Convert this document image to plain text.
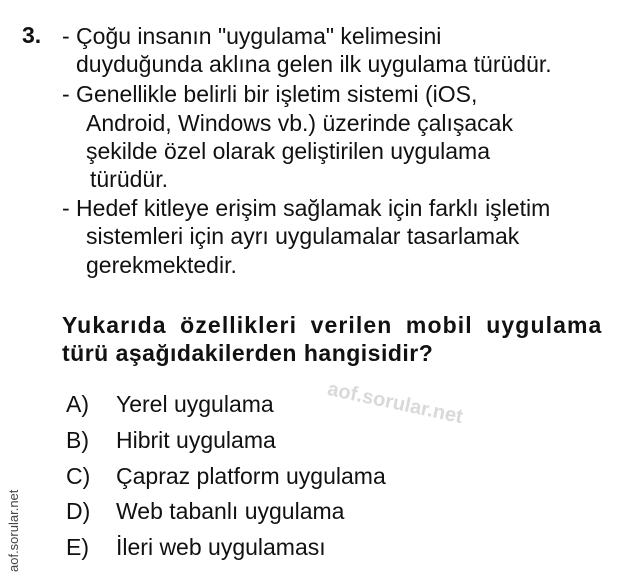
3. - Çoğu insanın "uygulama" kelimesini
duyduğunda aklına gelen ilk uygulama türüdür.
- Genellikle belirli bir işletim sistemi (iOS,
Android, Windows vb.) üzerinde çalışacak
şekilde özel olarak geliştirilen uygulama
türüdür.
- Hedef kitleye erişim sağlamak için farklı işletim
sistemleri için ayrı uygulamalar tasarlamak
gerekmektedir.
Yukarıda özellikleri verilen mobil uygulama
türü aşağıdakilerden hangisidir?
A) Yerel uygulama
B) Hibrit uygulama
C) Çapraz platform uygulama
D) Web tabanlı uygulama
E) İleri web uygulaması
aof.sorular.net
aof.sorular.net
